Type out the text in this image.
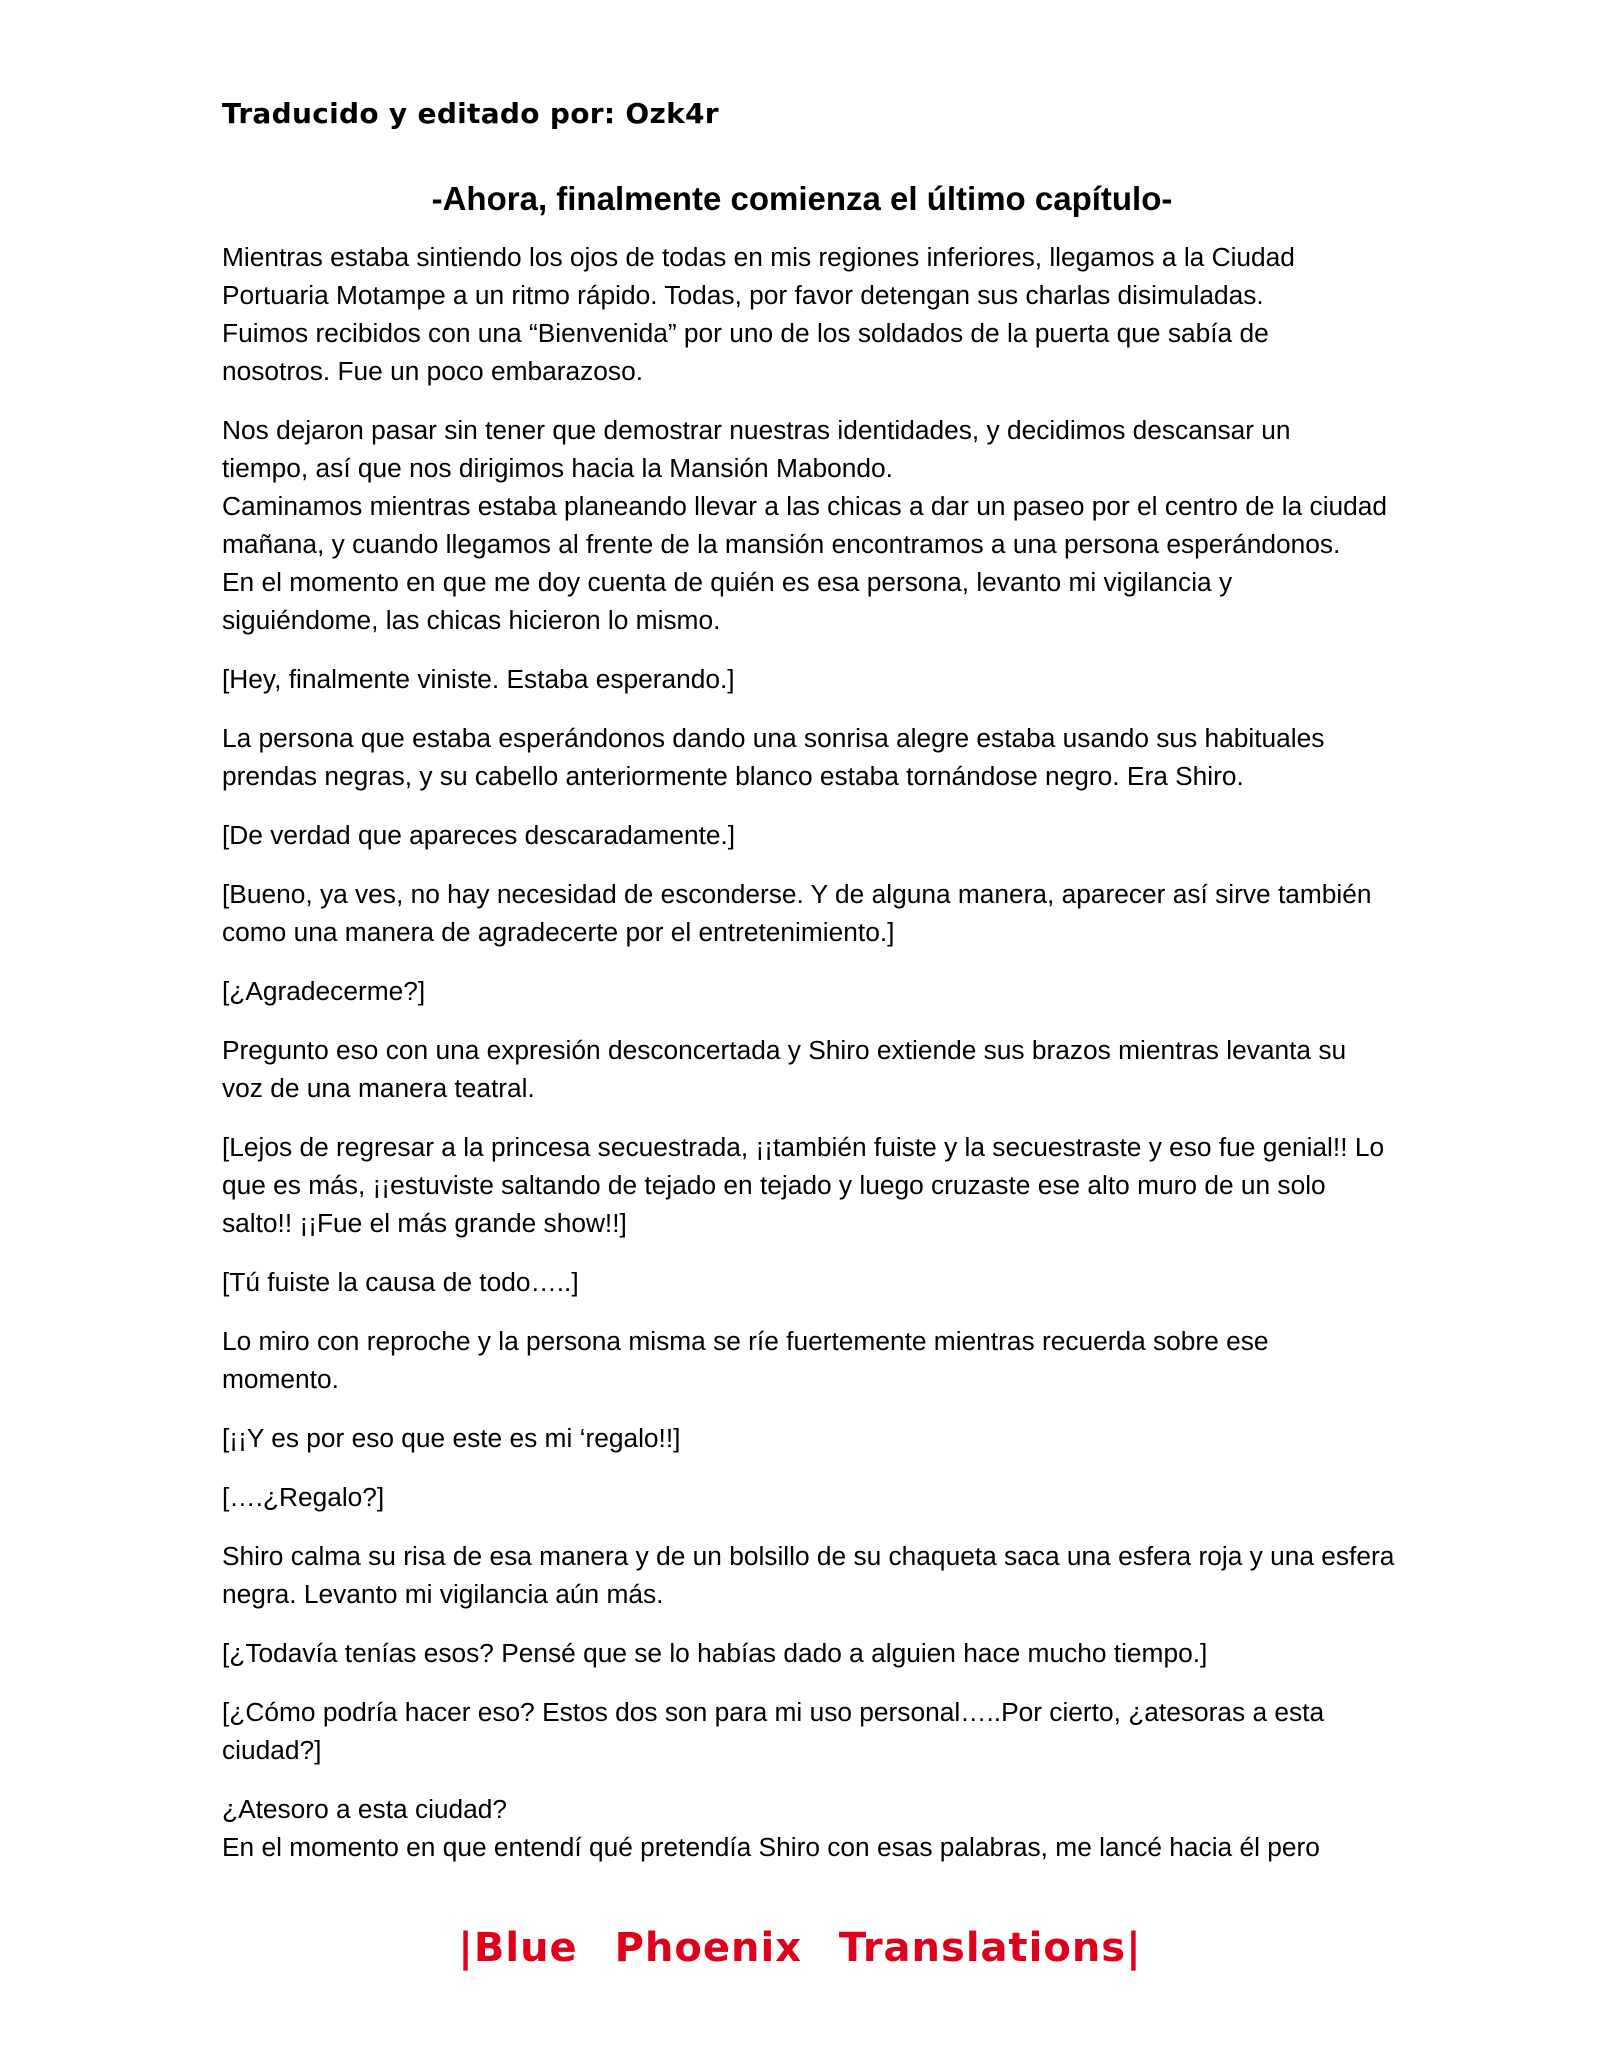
Traducido y editado por: Ozk4r
-Ahora, finalmente comienza el último capítulo-
Mientras estaba sintiendo los ojos de todas en mis regiones inferiores, llegamos a la Ciudad
Portuaria Motampe a un ritmo rápido. Todas, por favor detengan sus charlas disimuladas.
Fuimos recibidos con una “Bienvenida” por uno de los soldados de la puerta que sabía de
nosotros. Fue un poco embarazoso.
Nos dejaron pasar sin tener que demostrar nuestras identidades, y decidimos descansar un
tiempo, así que nos dirigimos hacia la Mansión Mabondo.
Caminamos mientras estaba planeando llevar a las chicas a dar un paseo por el centro de la ciudad
mañana, y cuando llegamos al frente de la mansión encontramos a una persona esperándonos.
En el momento en que me doy cuenta de quién es esa persona, levanto mi vigilancia y
siguiéndome, las chicas hicieron lo mismo.
[Hey, finalmente viniste. Estaba esperando.]
La persona que estaba esperándonos dando una sonrisa alegre estaba usando sus habituales
prendas negras, y su cabello anteriormente blanco estaba tornándose negro. Era Shiro.
[De verdad que apareces descaradamente.]
[Bueno, ya ves, no hay necesidad de esconderse. Y de alguna manera, aparecer así sirve también
como una manera de agradecerte por el entretenimiento.]
[¿Agradecerme?]
Pregunto eso con una expresión desconcertada y Shiro extiende sus brazos mientras levanta su
voz de una manera teatral.
[Lejos de regresar a la princesa secuestrada, ¡¡también fuiste y la secuestraste y eso fue genial!! Lo
que es más, ¡¡estuviste saltando de tejado en tejado y luego cruzaste ese alto muro de un solo
salto!! ¡¡Fue el más grande show!!]
[Tú fuiste la causa de todo…..]
Lo miro con reproche y la persona misma se ríe fuertemente mientras recuerda sobre ese
momento.
[¡¡Y es por eso que este es mi ‘regalo!!]
[….¿Regalo?]
Shiro calma su risa de esa manera y de un bolsillo de su chaqueta saca una esfera roja y una esfera
negra. Levanto mi vigilancia aún más.
[¿Todavía tenías esos? Pensé que se lo habías dado a alguien hace mucho tiempo.]
[¿Cómo podría hacer eso? Estos dos son para mi uso personal…..Por cierto, ¿atesoras a esta
ciudad?]
¿Atesoro a esta ciudad?
En el momento en que entendí qué pretendía Shiro con esas palabras, me lancé hacia él pero
|Blue Phoenix Translations|
